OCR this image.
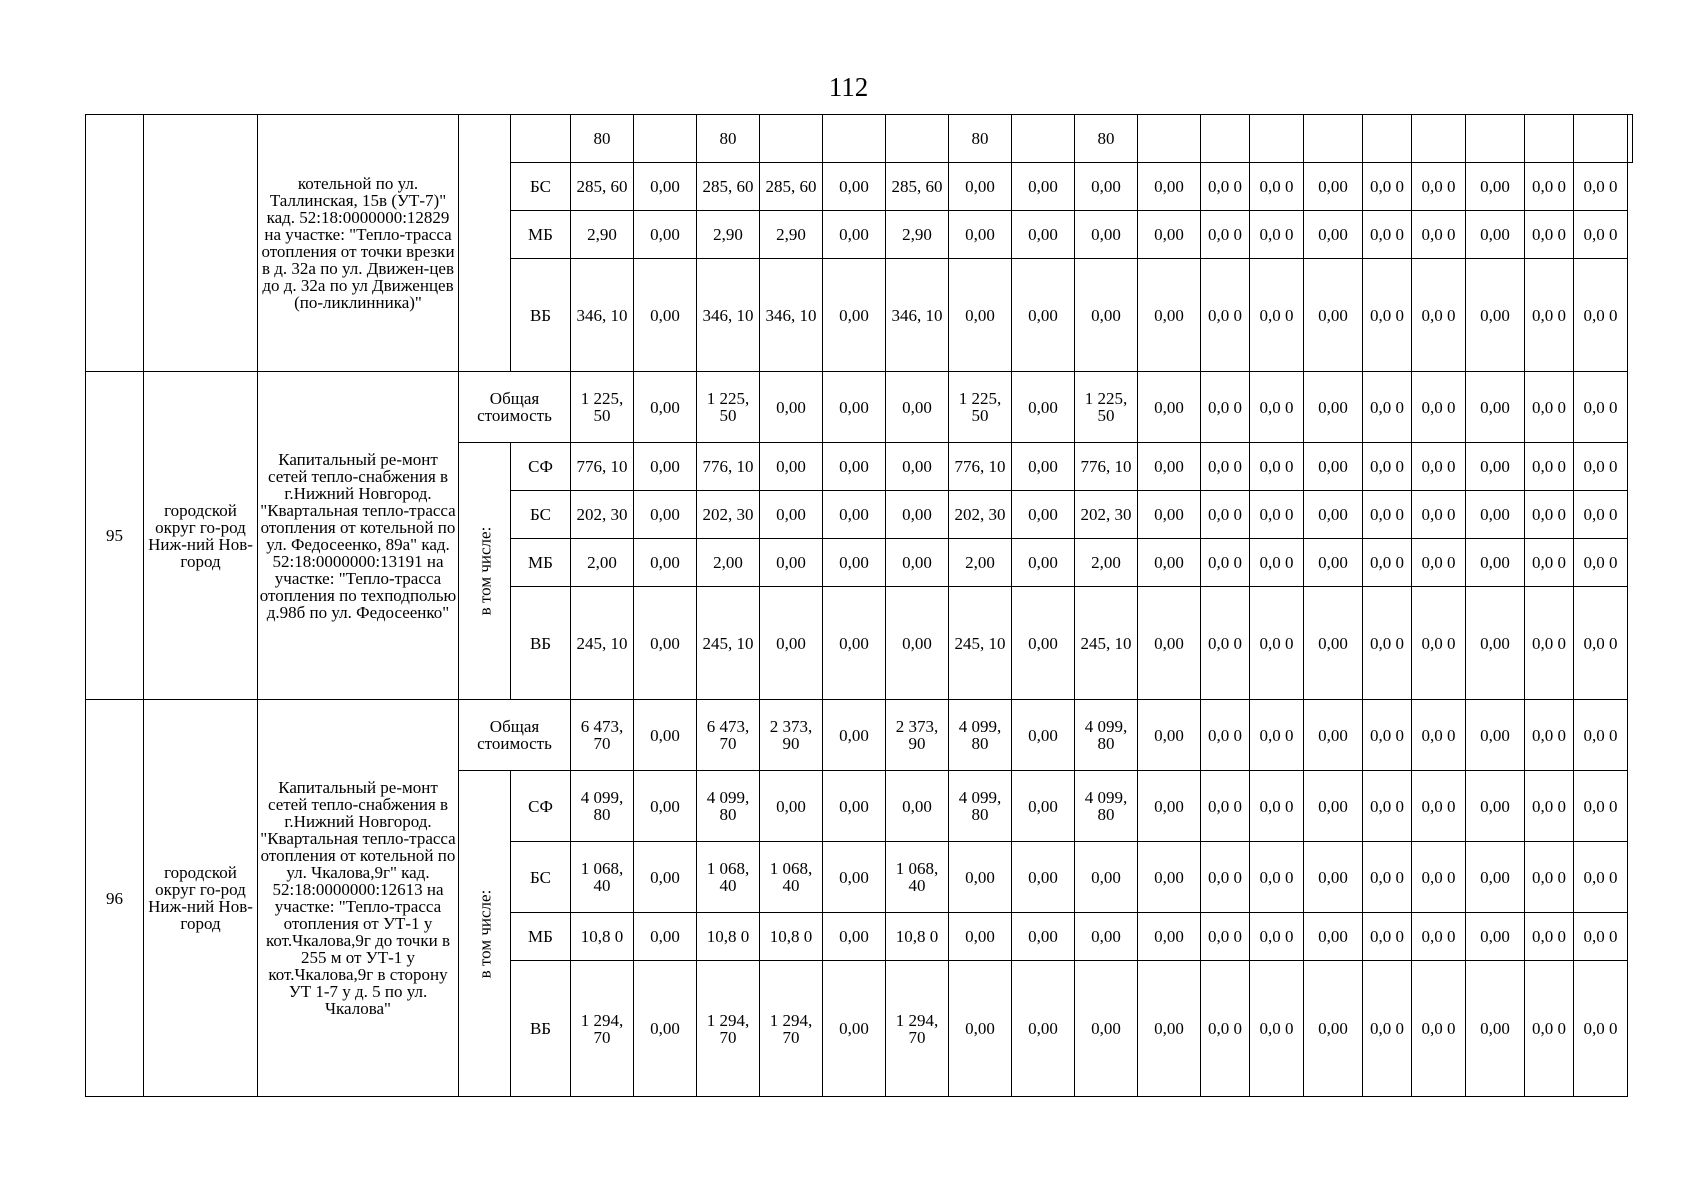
112
		котельной по ул. Таллинская, 15в (УТ-7)" кад. 52:18:0000000:12829 на участке: "Тепло-трасса отопления от точки врезки в д. 32а по ул. Движен-цев до д. 32а по ул Движенцев (по-ликлинника)"			80		80				80		80										
				БС	285, 60	0,00	285, 60	285, 60	0,00	285, 60	0,00	0,00	0,00	0,00	0,0 0	0,0 0	0,00	0,0 0	0,0 0	0,00	0,0 0	0,0 0	
				МБ	2,90	0,00	2,90	2,90	0,00	2,90	0,00	0,00	0,00	0,00	0,0 0	0,0 0	0,00	0,0 0	0,0 0	0,00	0,0 0	0,0 0	
				ВБ	346, 10	0,00	346, 10	346, 10	0,00	346, 10	0,00	0,00	0,00	0,00	0,0 0	0,0 0	0,00	0,0 0	0,0 0	0,00	0,0 0	0,0 0	
95	городской округ го-род Ниж-ний Нов-город	Капитальный ре-монт сетей тепло-снабжения в г.Нижний Новгород. "Квартальная тепло-трасса отопления от котельной по ул. Федосеенко, 89а" кад. 52:18:0000000:13191 на участке: "Тепло-трасса отопления по техподполью д.98б по ул. Федосеенко"	Общая стоимость		1 225, 50	0,00	1 225, 50	0,00	0,00	0,00	1 225, 50	0,00	1 225, 50	0,00	0,0 0	0,0 0	0,00	0,0 0	0,0 0	0,00	0,0 0	0,0 0	

			в том числе:	СФ	776, 10	0,00	776, 10	0,00	0,00	0,00	776, 10	0,00	776, 10	0,00	0,0 0	0,0 0	0,00	0,0 0	0,0 0	0,00	0,0 0	0,0 0	
				БС	202, 30	0,00	202, 30	0,00	0,00	0,00	202, 30	0,00	202, 30	0,00	0,0 0	0,0 0	0,00	0,0 0	0,0 0	0,00	0,0 0	0,0 0	
				МБ	2,00	0,00	2,00	0,00	0,00	0,00	2,00	0,00	2,00	0,00	0,0 0	0,0 0	0,00	0,0 0	0,0 0	0,00	0,0 0	0,0 0	
				ВБ	245, 10	0,00	245, 10	0,00	0,00	0,00	245, 10	0,00	245, 10	0,00	0,0 0	0,0 0	0,00	0,0 0	0,0 0	0,00	0,0 0	0,0 0	
96	городской округ го-род Ниж-ний Нов-город	Капитальный ре-монт сетей тепло-снабжения в г.Нижний Новгород. "Квартальная тепло-трасса отопления от котельной по ул. Чкалова,9г" кад. 52:18:0000000:12613 на участке: "Тепло-трасса отопления от УТ-1 у кот.Чкалова,9г до точки в 255 м от УТ-1 у кот.Чкалова,9г в сторону УТ 1-7 у д. 5 по ул. Чкалова"	Общая стоимость		6 473, 70	0,00	6 473, 70	2 373, 90	0,00	2 373, 90	4 099, 80	0,00	4 099, 80	0,00	0,0 0	0,0 0	0,00	0,0 0	0,0 0	0,00	0,0 0	0,0 0	

			в том числе:	СФ	4 099, 80	0,00	4 099, 80	0,00	0,00	0,00	4 099, 80	0,00	4 099, 80	0,00	0,0 0	0,0 0	0,00	0,0 0	0,0 0	0,00	0,0 0	0,0 0	
				БС	1 068, 40	0,00	1 068, 40	1 068, 40	0,00	1 068, 40	0,00	0,00	0,00	0,00	0,0 0	0,0 0	0,00	0,0 0	0,0 0	0,00	0,0 0	0,0 0	
				МБ	10,8 0	0,00	10,8 0	10,8 0	0,00	10,8 0	0,00	0,00	0,00	0,00	0,0 0	0,0 0	0,00	0,0 0	0,0 0	0,00	0,0 0	0,0 0	
				ВБ	1 294, 70	0,00	1 294, 70	1 294, 70	0,00	1 294, 70	0,00	0,00	0,00	0,00	0,0 0	0,0 0	0,00	0,0 0	0,0 0	0,00	0,0 0	0,0 0	
